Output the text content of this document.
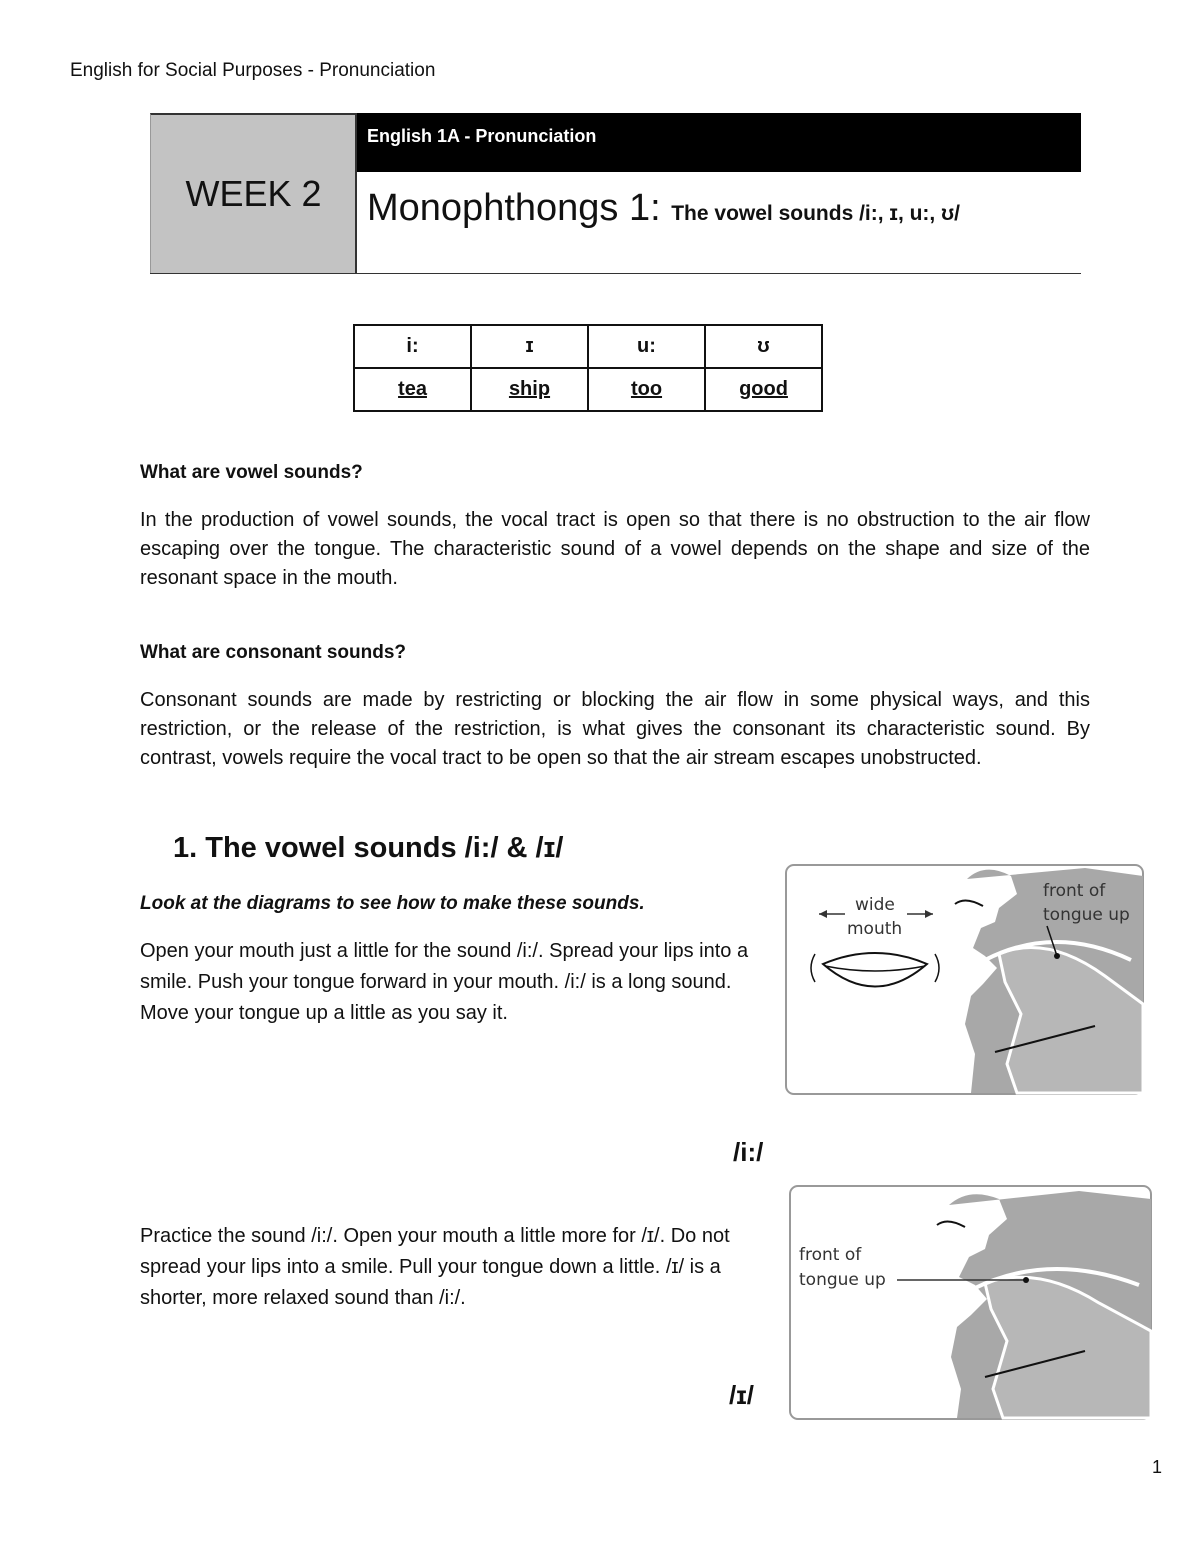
English for Social Purposes - Pronunciation
WEEK 2
English 1A - Pronunciation
Monophthongs 1: The vowel sounds /i:, ɪ, u:, ʊ/
i:	ɪ	u:	ʊ
tea	ship	too	good
What are vowel sounds?
In the production of vowel sounds, the vocal tract is open so that there is no obstruction to the air flow escaping over the tongue. The characteristic sound of a vowel depends on the shape and size of the resonant space in the mouth.
What are consonant sounds?
Consonant sounds are made by restricting or blocking the air flow in some physical ways, and this restriction, or the release of the restriction, is what gives the consonant its characteristic sound. By contrast, vowels require the vocal tract to be open so that the air stream escapes unobstructed.
1. The vowel sounds /i:/ & /ɪ/
Look at the diagrams to see how to make these sounds.
Open your mouth just a little for the sound /i:/. Spread your lips into a smile. Push your tongue forward in your mouth. /i:/ is a long sound. Move your tongue up a little as you say it.
front of
tongue up
wide
mouth
/i:/
Practice the sound /i:/. Open your mouth a little more for /ɪ/. Do not spread your lips into a smile. Pull your tongue down a little. /ɪ/ is a shorter, more relaxed sound than /i:/.
front of
tongue up
/ɪ/
1
